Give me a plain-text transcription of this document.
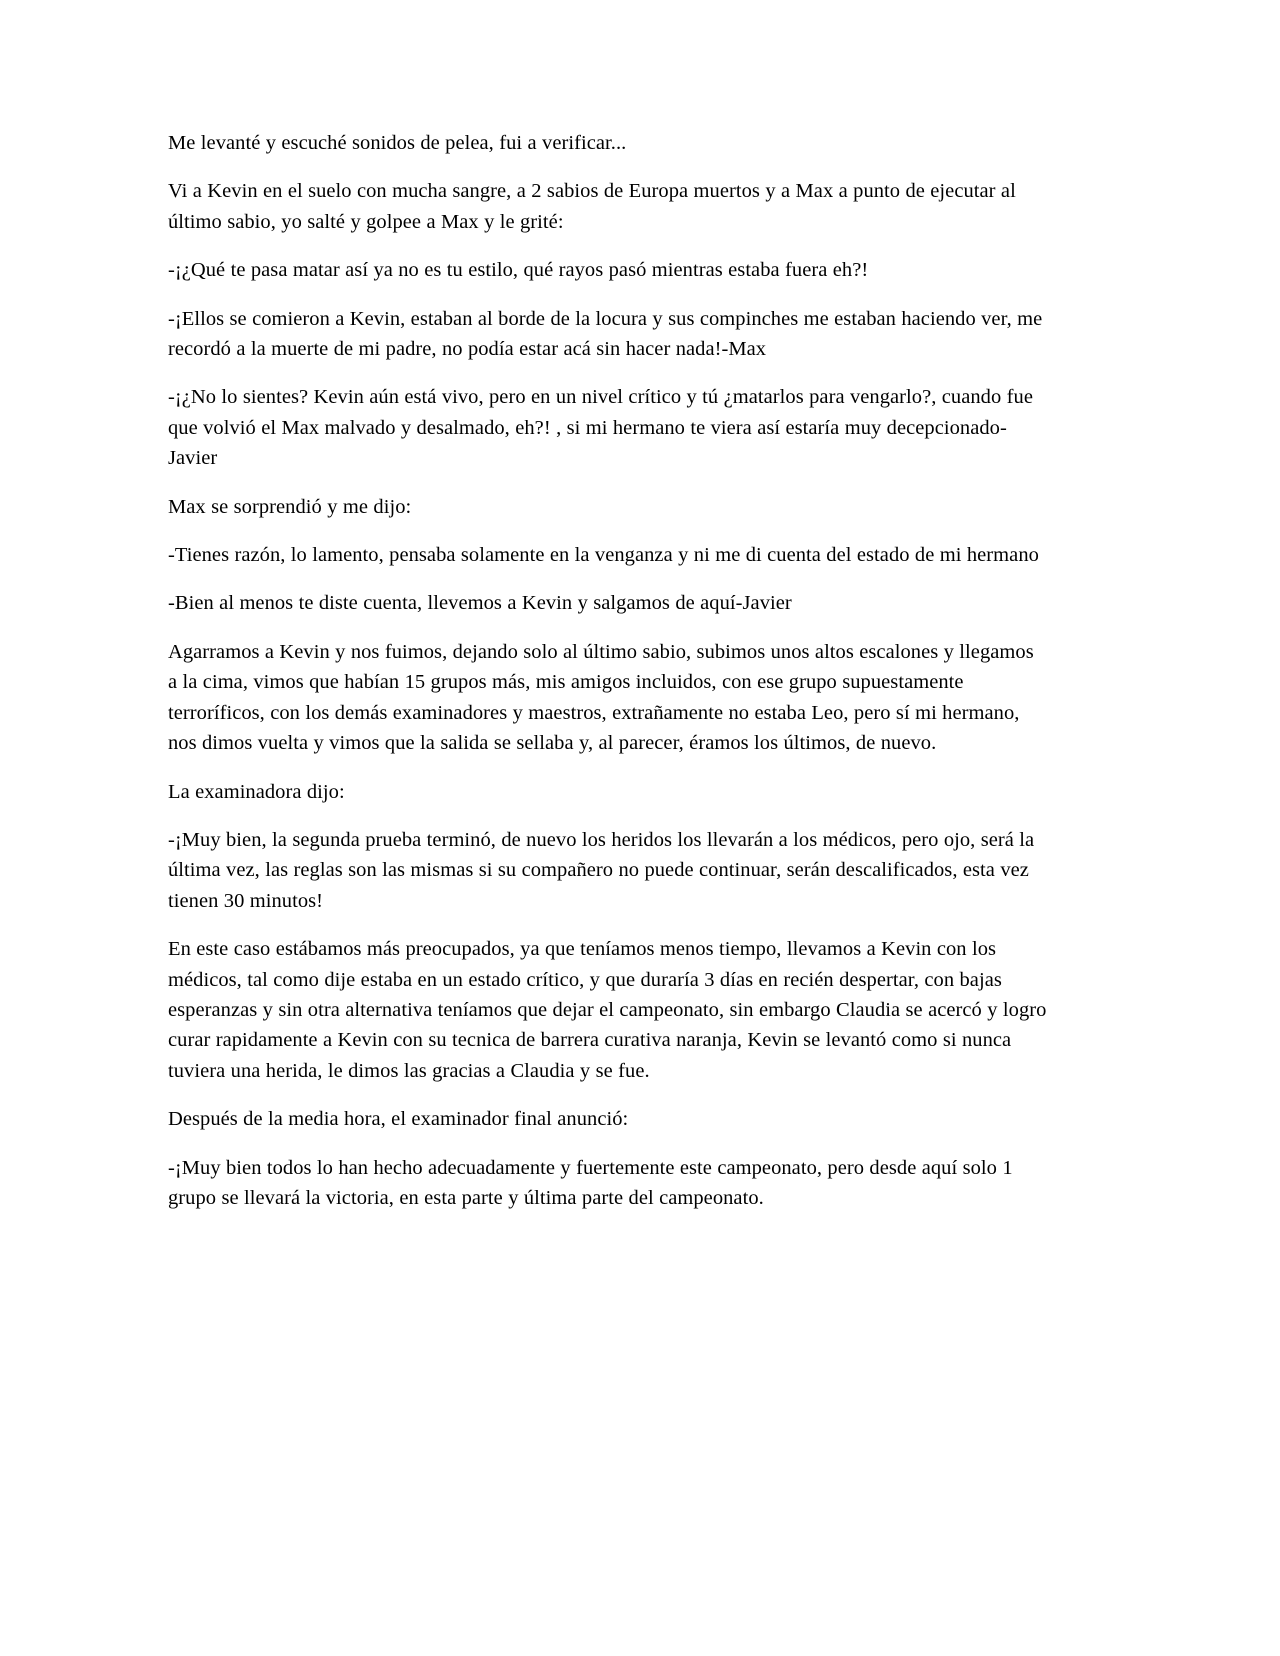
Me levanté y escuché sonidos de pelea, fui a verificar...

Vi a Kevin en el suelo con mucha sangre, a 2 sabios de Europa muertos y a Max a punto de ejecutar al último sabio, yo salté y golpee a Max y le grité:

-¡¿Qué te pasa matar así ya no es tu estilo, qué rayos pasó mientras estaba fuera eh?!

-¡Ellos se comieron a Kevin, estaban al borde de la locura y sus compinches me estaban haciendo ver, me recordó a la muerte de mi padre, no podía estar acá sin hacer nada!-Max

-¡¿No lo sientes? Kevin aún está vivo, pero en un nivel crítico y tú ¿matarlos para vengarlo?, cuando fue que volvió el Max malvado y desalmado, eh?! , si mi hermano te viera así estaría muy decepcionado-Javier

Max se sorprendió y me dijo:

-Tienes razón, lo lamento, pensaba solamente en la venganza y ni me di cuenta del estado de mi hermano

-Bien al menos te diste cuenta, llevemos a Kevin y salgamos de aquí-Javier

Agarramos a Kevin y nos fuimos, dejando solo al último sabio, subimos unos altos escalones y llegamos a la cima, vimos que habían 15 grupos más, mis amigos incluidos, con ese grupo supuestamente terroríficos, con los demás examinadores y maestros, extrañamente no estaba Leo, pero sí mi hermano, nos dimos vuelta y vimos que la salida se sellaba y, al parecer, éramos los últimos, de nuevo.

La examinadora dijo:

-¡Muy bien, la segunda prueba terminó, de nuevo los heridos los llevarán a los médicos, pero ojo, será la última vez, las reglas son las mismas si su compañero no puede continuar, serán descalificados, esta vez tienen 30 minutos!

En este caso estábamos más preocupados, ya que teníamos menos tiempo, llevamos a Kevin con los médicos, tal como dije estaba en un estado crítico, y que duraría 3 días en recién despertar, con bajas esperanzas y sin otra alternativa teníamos que dejar el campeonato, sin embargo Claudia se acercó y logro curar rapidamente a Kevin con su tecnica de barrera curativa naranja, Kevin se levantó como si nunca tuviera una herida, le dimos las gracias a Claudia y se fue.

Después de la media hora, el examinador final anunció:

-¡Muy bien todos lo han hecho adecuadamente y fuertemente este campeonato, pero desde aquí solo 1 grupo se llevará la victoria, en esta parte y última parte del campeonato.
